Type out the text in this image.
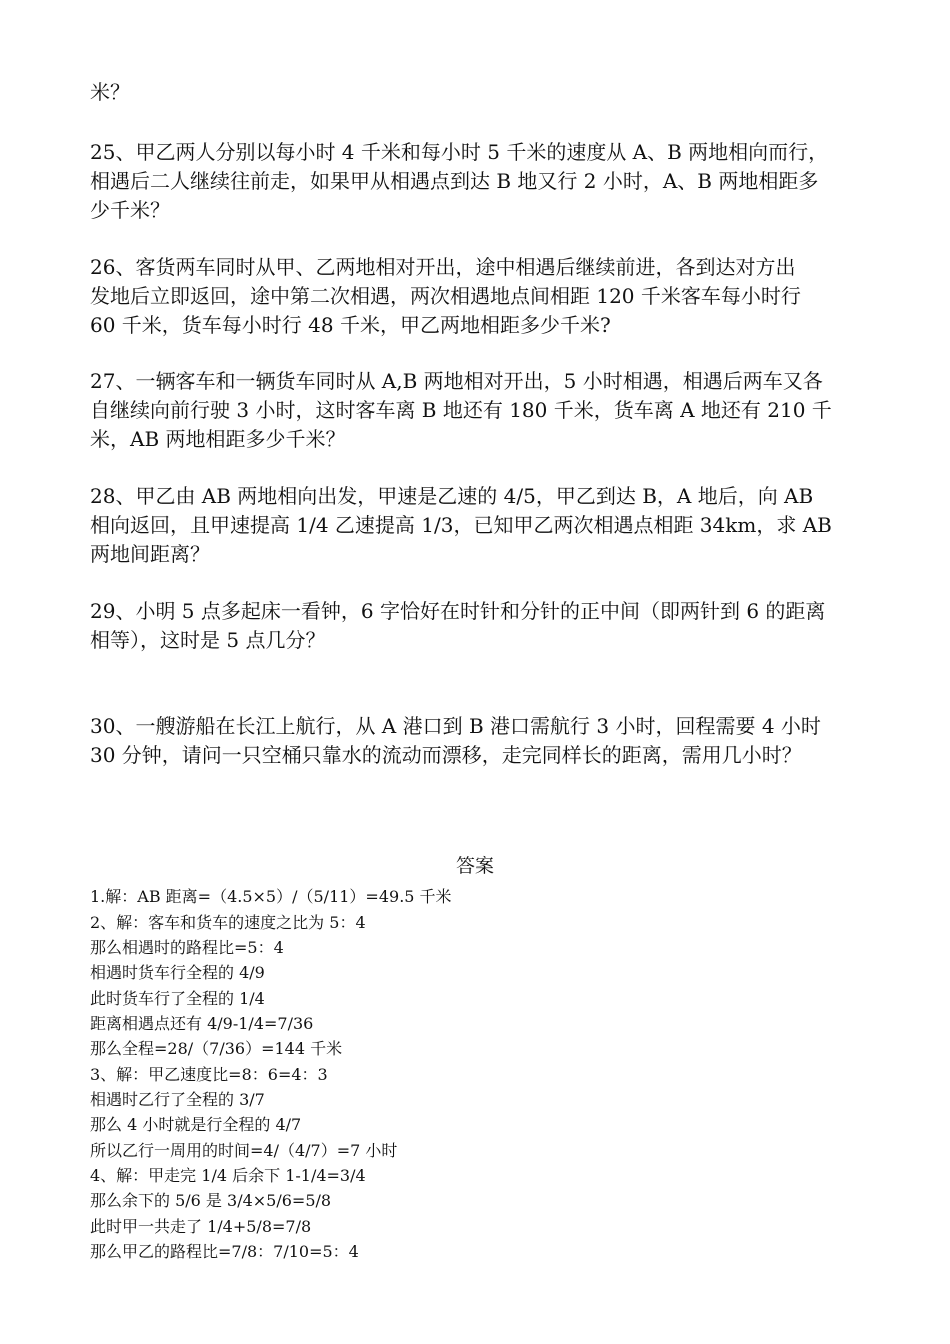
米？
25、甲乙两人分别以每小时 4 千米和每小时 5 千米的速度从 A、B 两地相向而行，
相遇后二人继续往前走，如果甲从相遇点到达 B 地又行 2 小时，A、B 两地相距多
少千米？
26、客货两车同时从甲、乙两地相对开出，途中相遇后继续前进，各到达对方出
发地后立即返回，途中第二次相遇，两次相遇地点间相距 120 千米客车每小时行
60 千米，货车每小时行 48 千米，甲乙两地相距多少千米?
27、一辆客车和一辆货车同时从 A,B 两地相对开出，5 小时相遇，相遇后两车又各
自继续向前行驶 3 小时，这时客车离 B 地还有 180 千米，货车离 A 地还有 210 千
米，AB 两地相距多少千米？
28、甲乙由 AB 两地相向出发，甲速是乙速的 4/5，甲乙到达 B，A 地后，向 AB
相向返回，且甲速提高 1/4 乙速提高 1/3，已知甲乙两次相遇点相距 34km，求 AB
两地间距离？
29、小明 5 点多起床一看钟，6 字恰好在时针和分针的正中间（即两针到 6 的距离
相等），这时是 5 点几分？
30、一艘游船在长江上航行，从 A 港口到 B 港口需航行 3 小时，回程需要 4 小时
30 分钟，请问一只空桶只靠水的流动而漂移，走完同样长的距离，需用几小时？
答案
1.解：AB 距离=（4.5×5）/（5/11）=49.5 千米
2、解：客车和货车的速度之比为 5：4
那么相遇时的路程比=5：4
相遇时货车行全程的 4/9
此时货车行了全程的 1/4
距离相遇点还有 4/9-1/4=7/36
那么全程=28/（7/36）=144 千米
3、解：甲乙速度比=8：6=4：3
相遇时乙行了全程的 3/7
那么 4 小时就是行全程的 4/7
所以乙行一周用的时间=4/（4/7）=7 小时
4、解：甲走完 1/4 后余下 1-1/4=3/4
那么余下的 5/6 是 3/4×5/6=5/8
此时甲一共走了 1/4+5/8=7/8
那么甲乙的路程比=7/8：7/10=5：4
